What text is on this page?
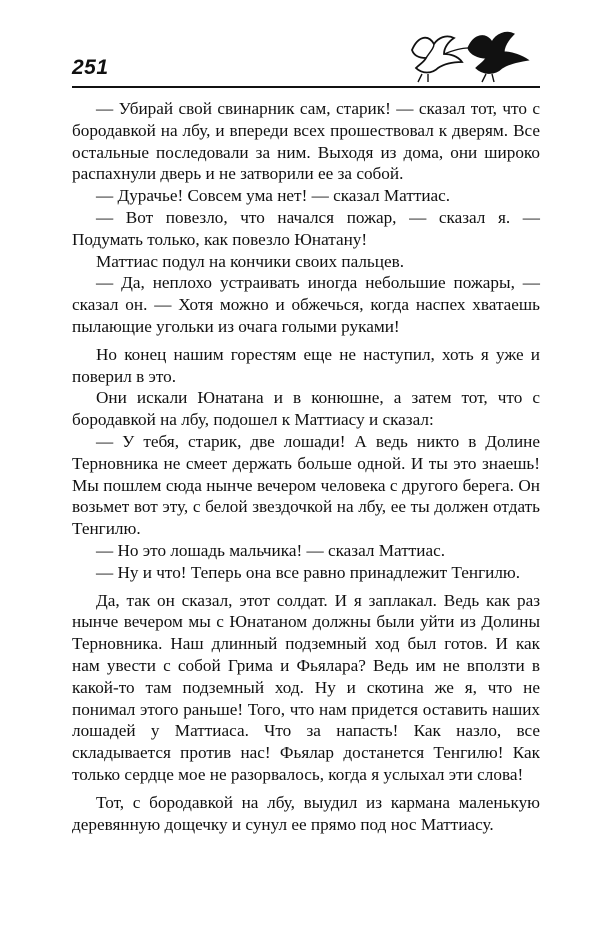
251

— Убирай свой свинарник сам, старик! — сказал тот, что с бородавкой на лбу, и впереди всех прошествовал к дверям. Все остальные последовали за ним. Выходя из дома, они широко распахнули дверь и не затворили ее за собой.

— Дурачье! Совсем ума нет! — сказал Маттиас.

— Вот повезло, что начался пожар, — сказал я. — Подумать только, как повезло Юнатану!

Маттиас подул на кончики своих пальцев.

— Да, неплохо устраивать иногда небольшие пожары, — сказал он. — Хотя можно и обжечься, когда наспех хватаешь пылающие угольки из очага голыми руками!

Но конец нашим горестям еще не наступил, хоть я уже и поверил в это.

Они искали Юнатана и в конюшне, а затем тот, что с бородавкой на лбу, подошел к Маттиасу и сказал:

— У тебя, старик, две лошади! А ведь никто в Долине Терновника не смеет держать больше одной. И ты это знаешь! Мы пошлем сюда нынче вечером человека с другого берега. Он возьмет вот эту, с белой звездочкой на лбу, ее ты должен отдать Тенгилю.

— Но это лошадь мальчика! — сказал Маттиас.

— Ну и что! Теперь она все равно принадлежит Тенгилю.

Да, так он сказал, этот солдат. И я заплакал. Ведь как раз нынче вечером мы с Юнатаном должны были уйти из Долины Терновника. Наш длинный подземный ход был готов. И как нам увести с собой Грима и Фьялара? Ведь им не вползти в какой-то там подземный ход. Ну и скотина же я, что не понимал этого раньше! Того, что нам придется оставить наших лошадей у Маттиаса. Что за напасть! Как назло, все складывается против нас! Фьялар достанется Тенгилю! Как только сердце мое не разорвалось, когда я услыхал эти слова!

Тот, с бородавкой на лбу, выудил из кармана маленькую деревянную дощечку и сунул ее прямо под нос Маттиасу.
